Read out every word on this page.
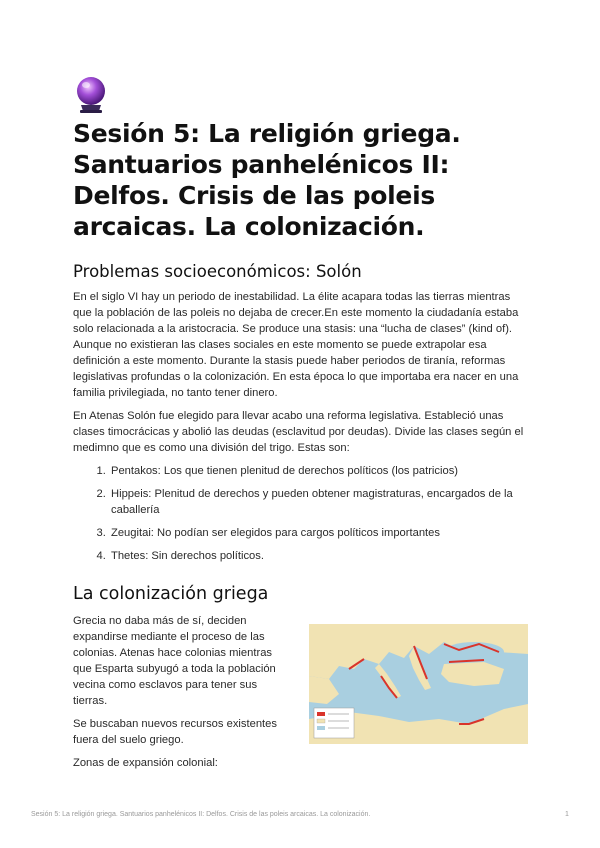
Sesión 5: La religión griega. Santuarios panhelénicos II: Delfos. Crisis de las poleis arcaicas. La colonización.
Problemas socioeconómicos: Solón

En el siglo VI hay un periodo de inestabilidad. La élite acapara todas las tierras mientras que la población de las poleis no dejaba de crecer.En este momento la ciudadanía estaba solo relacionada a la aristocracia. Se produce una stasis: una “lucha de clases” (kind of). Aunque no existieran las clases sociales en este momento se puede extrapolar esa definición a este momento. Durante la stasis puede haber periodos de tiranía, reformas legislativas profundas o la colonización. En esta época lo que importaba era nacer en una familia privilegiada, no tanto tener dinero.

En Atenas Solón fue elegido para llevar acabo una reforma legislativa. Estableció unas clases timocrácicas y abolió las deudas (esclavitud por deudas). Divide las clases según el medimno que es como una división del trigo. Estas son:

1. Pentakos: Los que tienen plenitud de derechos políticos (los patricios)
2. Hippeis: Plenitud de derechos y pueden obtener magistraturas, encargados de la caballería
3. Zeugitai: No podían ser elegidos para cargos políticos importantes
4. Thetes: Sin derechos políticos.
La colonización griega

Grecia no daba más de sí, deciden expandirse mediante el proceso de las colonias. Atenas hace colonias mientras que Esparta subyugó a toda la población vecina como esclavos para tener sus tierras.

Se buscaban nuevos recursos existentes fuera del suelo griego.

Zonas de expansión colonial:

Sesión 5: La religión griega. Santuarios panhelénicos II: Delfos. Crisis de las poleis arcaicas. La colonización.	1
